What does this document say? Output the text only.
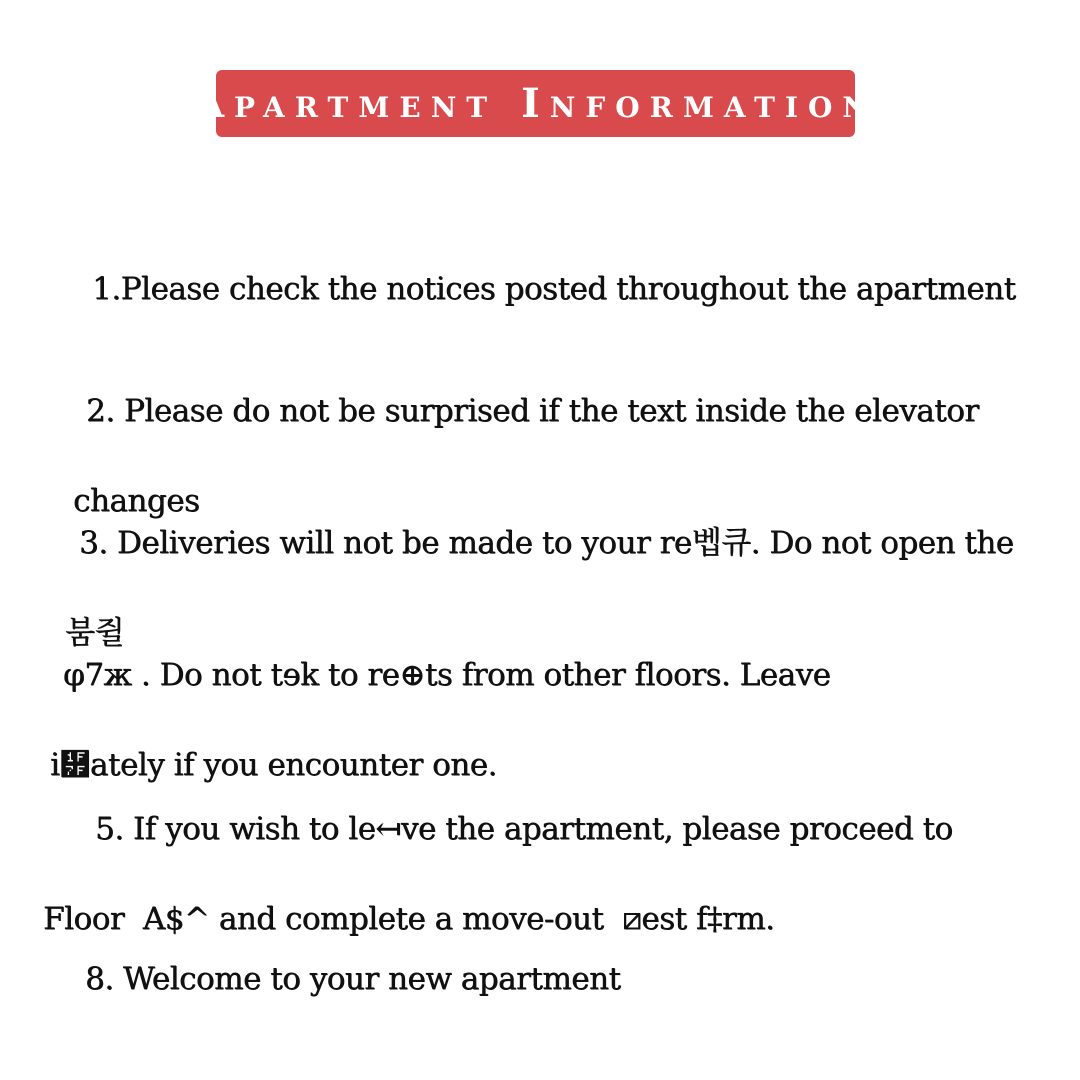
Apartment Information

1.Please check the notices posted throughout the apartment

2. Please do not be surprised if the text inside the elevator

changes

3. Deliveries will not be made to your re벱큐. Do not open the

붐쥘

φ7ж . Do not tɘk to re⊕ts from other floors. Leave

i὿ately if you encounter one.

5. If you wish to le↤ve the apartment, please proceed to

Floor  A$^ and complete a move-out  ⧄est f‡rm.

8. Welcome to your new apartment
